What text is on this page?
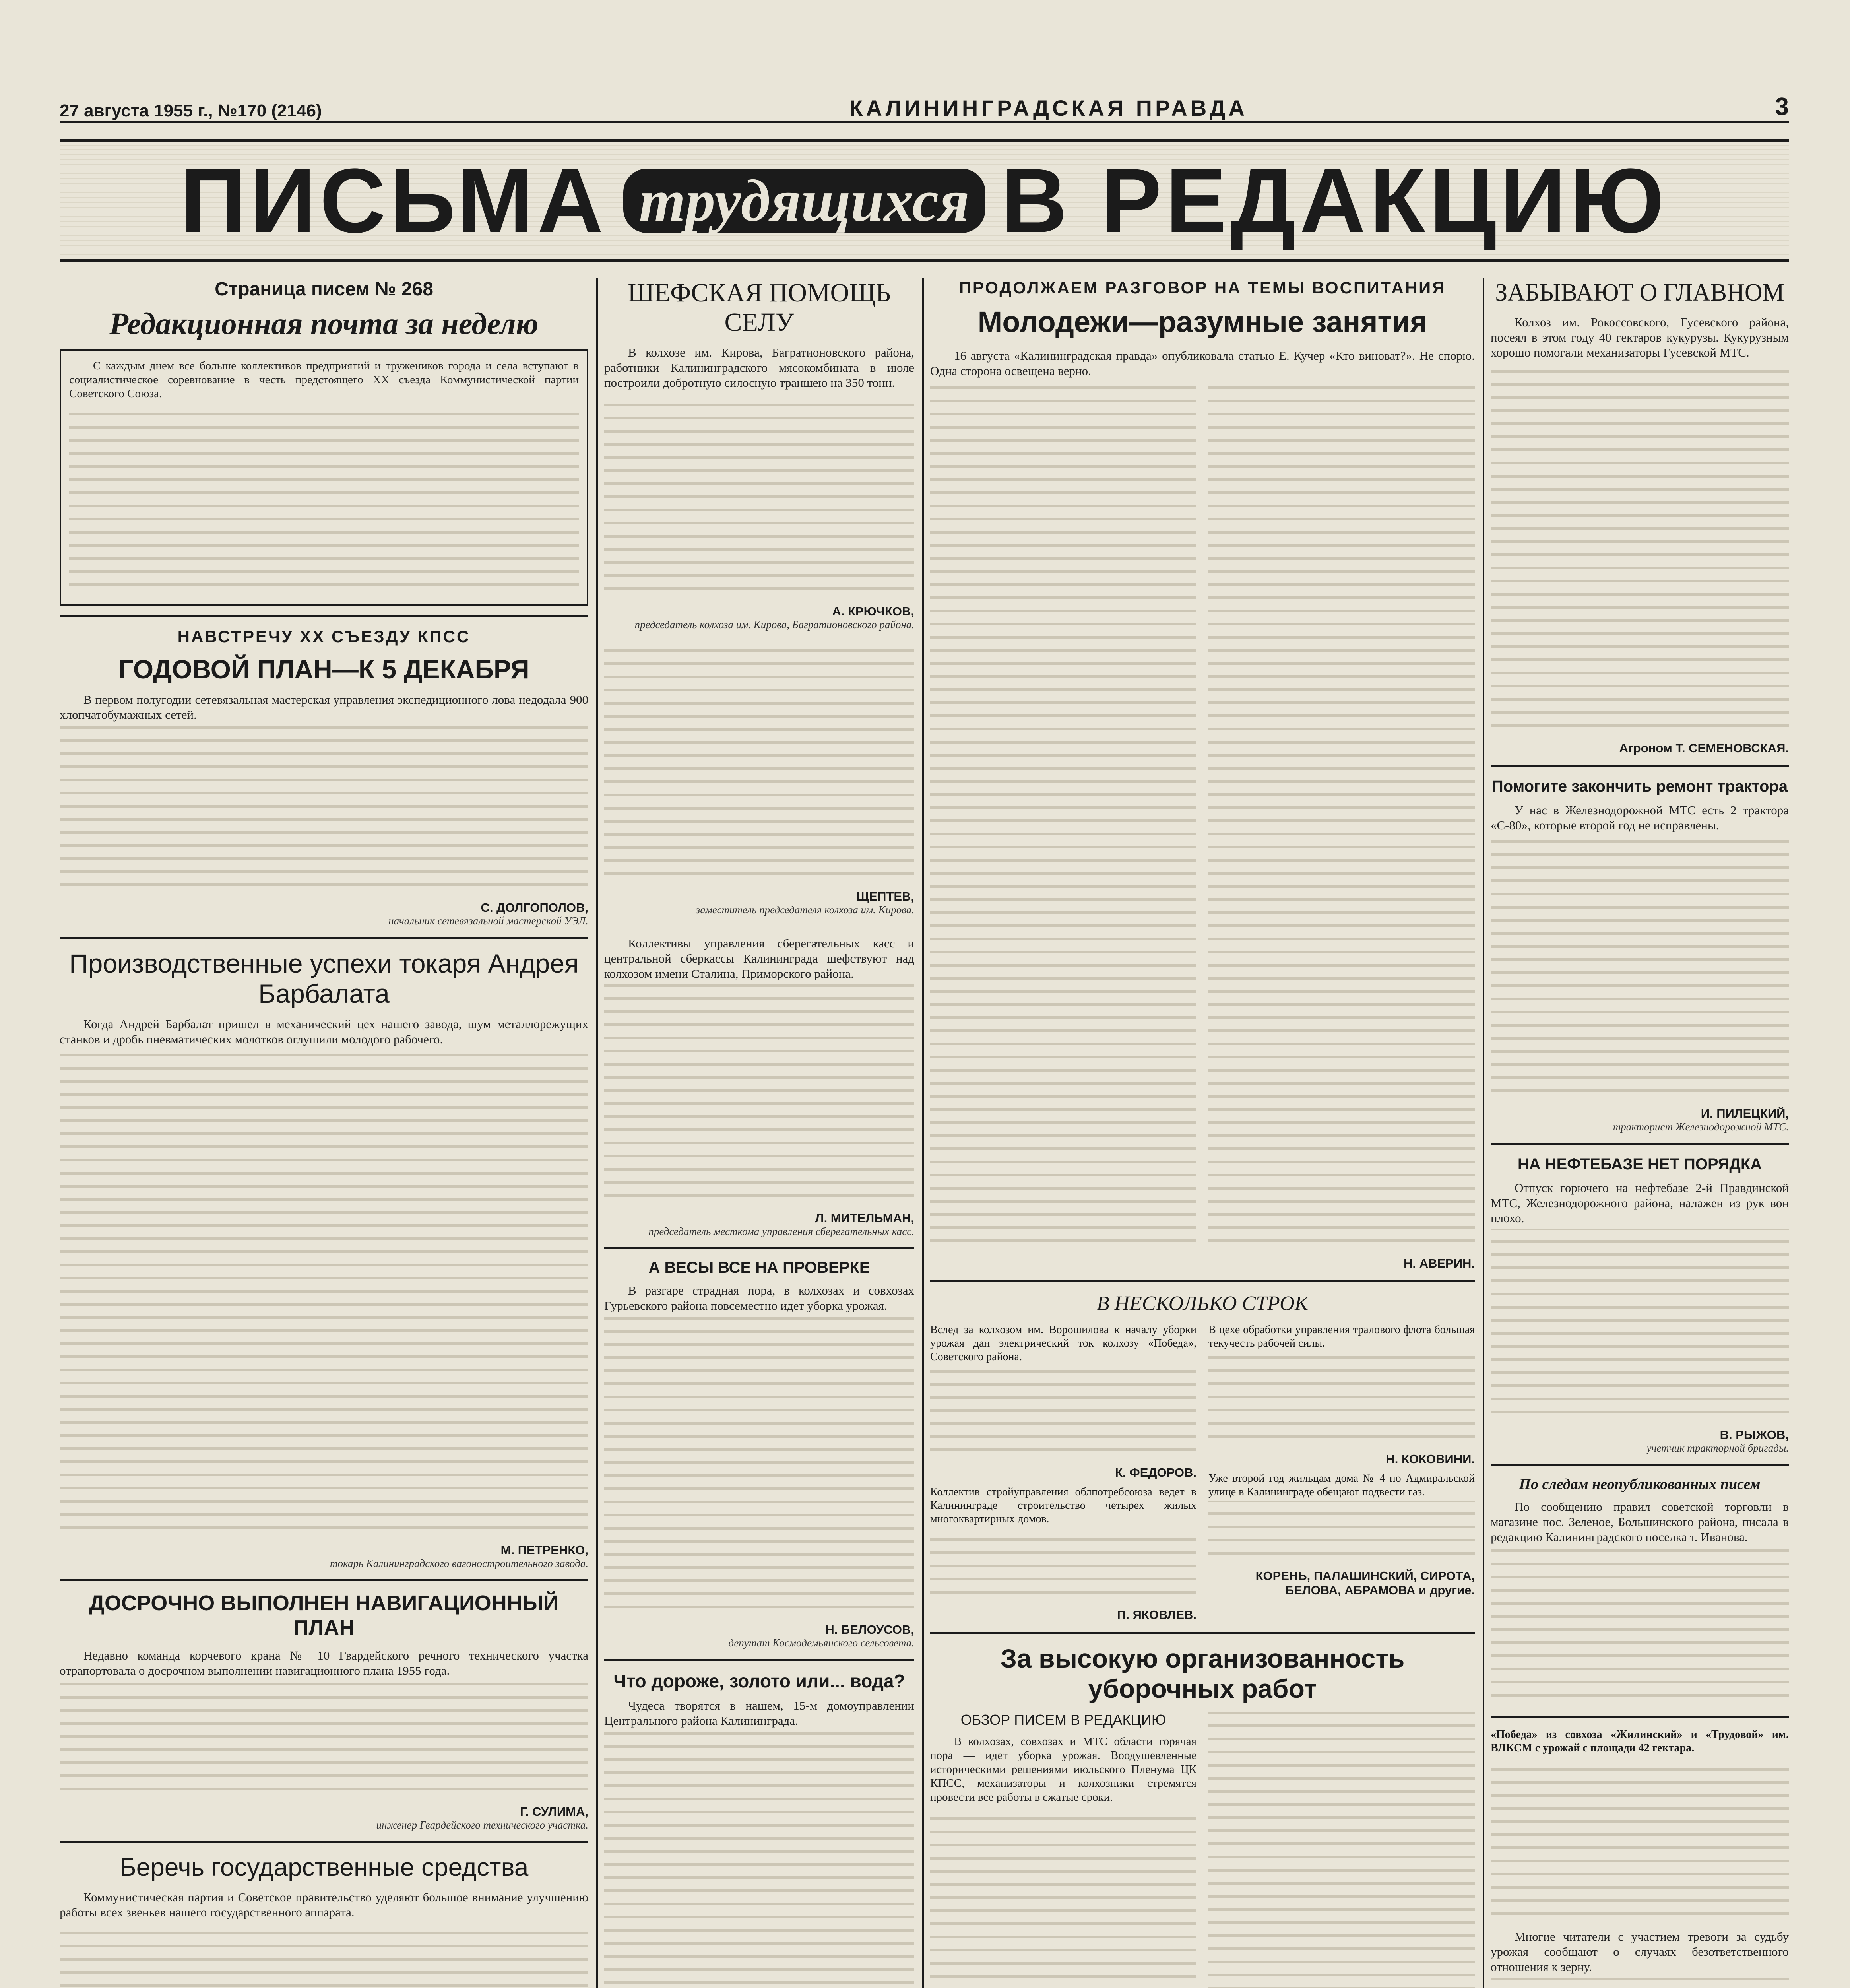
27 августа 1955 г., №170 (2146)	КАЛИНИНГРАДСКАЯ ПРАВДА	3
ПИСЬМА трудящихся В РЕДАКЦИЮ
Страница писем № 268
Редакционная почта за неделю

С каждым днем все больше коллективов предприятий и тружеников города и села вступают в социалистическое соревнование в честь предстоящего XX съезда Коммунистической партии Советского Союза.

НАВСТРЕЧУ XX СЪЕЗДУ КПСС
ГОДОВОЙ ПЛАН—К 5 ДЕКАБРЯ

В первом полугодии сетевязальная мастерская управления экспедиционного лова недодала 900 хлопчатобумажных сетей.

С. ДОЛГОПОЛОВ,
начальник сетевязальной мастерской УЭЛ.
Производственные успехи токаря Андрея Барбалата

Когда Андрей Барбалат пришел в механический цех нашего завода, шум металлорежущих станков и дробь пневматических молотков оглушили молодого рабочего.

М. ПЕТРЕНКО,
токарь Калининградского вагоностроительного завода.
ДОСРОЧНО ВЫПОЛНЕН НАВИГАЦИОННЫЙ ПЛАН

Недавно команда корчевого крана № 10 Гвардейского речного технического участка отрапортовала о досрочном выполнении навигационного плана 1955 года.

Г. СУЛИМА,
инженер Гвардейского технического участка.
Беречь государственные средства

Коммунистическая партия и Советское правительство уделяют большое внимание улучшению работы всех звеньев нашего государственного аппарата.

ШЕФСКАЯ ПОМОЩЬ СЕЛУ

В колхозе им. Кирова, Багратионовского района, работники Калининградского мясокомбината в июле построили добротную силосную траншею на 350 тонн.

А. КРЮЧКОВ,
председатель колхоза им. Кирова, Багратионовского района.
ЩЕПТЕВ,
заместитель председателя колхоза им. Кирова.

Коллективы управления сберегательных касс и центральной сберкассы Калининграда шефствуют над колхозом имени Сталина, Приморского района.

Л. МИТЕЛЬМАН,
председатель месткома управления сберегательных касс.
А ВЕСЫ ВСЕ НА ПРОВЕРКЕ

В разгаре страдная пора, в колхозах и совхозах Гурьевского района повсеместно идет уборка урожая.

Н. БЕЛОУСОВ,
депутат Космодемьянского сельсовета.
Что дороже, золото или... вода?

Чудеса творятся в нашем, 15-м домоуправлении Центрального района Калининграда.

ПРОДОЛЖАЕМ РАЗГОВОР НА ТЕМЫ ВОСПИТАНИЯ
Молодежи—разумные занятия

16 августа «Калининградская правда» опубликовала статью Е. Кучер «Кто виноват?». Не спорю. Одна сторона освещена верно.

Н. АВЕРИН.
В НЕСКОЛЬКО СТРОК

Вслед за колхозом им. Ворошилова к началу уборки урожая дан электрический ток колхозу «Победа», Советского района.

К. ФЕДОРОВ.

Коллектив стройуправления облпотребсоюза ведет в Калининграде строительство четырех жилых многоквартирных домов.

П. ЯКОВЛЕВ.

В цехе обработки управления тралового флота большая текучесть рабочей силы.

Н. КОКОВИНИ.

Уже второй год жильцам дома № 4 по Адмиральской улице в Калининграде обещают подвести газ.

КОРЕНЬ, ПАЛАШИНСКИЙ, СИРОТА, БЕЛОВА, АБРАМОВА и другие.
За высокую организованность уборочных работ
ОБЗОР ПИСЕМ В РЕДАКЦИЮ

В колхозах, совхозах и МТС области горячая пора — идет уборка урожая. Воодушевленные историческими решениями июльского Пленума ЦК КПСС, механизаторы и колхозники стремятся провести все работы в сжатые сроки.

ЗАБЫВАЮТ О ГЛАВНОМ

Колхоз им. Рокоссовского, Гусевского района, посеял в этом году 40 гектаров кукурузы. Кукурузным хорошо помогали механизаторы Гусевской МТС.

Агроном Т. СЕМЕНОВСКАЯ.
Помогите закончить ремонт трактора

У нас в Железнодорожной МТС есть 2 трактора «С-80», которые второй год не исправлены.

И. ПИЛЕЦКИЙ,
тракторист Железнодорожной МТС.
НА НЕФТЕБАЗЕ НЕТ ПОРЯДКА

Отпуск горючего на нефтебазе 2-й Правдинской МТС, Железнодорожного района, налажен из рук вон плохо.

В. РЫЖОВ,
учетчик тракторной бригады.
По следам неопубликованных писем

По сообщению правил советской торговли в магазине пос. Зеленое, Большинского района, писала в редакцию Калининградского поселка т. Иванова.

«Победа» из совхоза «Жилинский» и «Трудовой» им. ВЛКСМ с урожай с площади 42 гектара.

Многие читатели с участием тревоги за судьбу урожая сообщают о случаях безответственного отношения к зерну.
